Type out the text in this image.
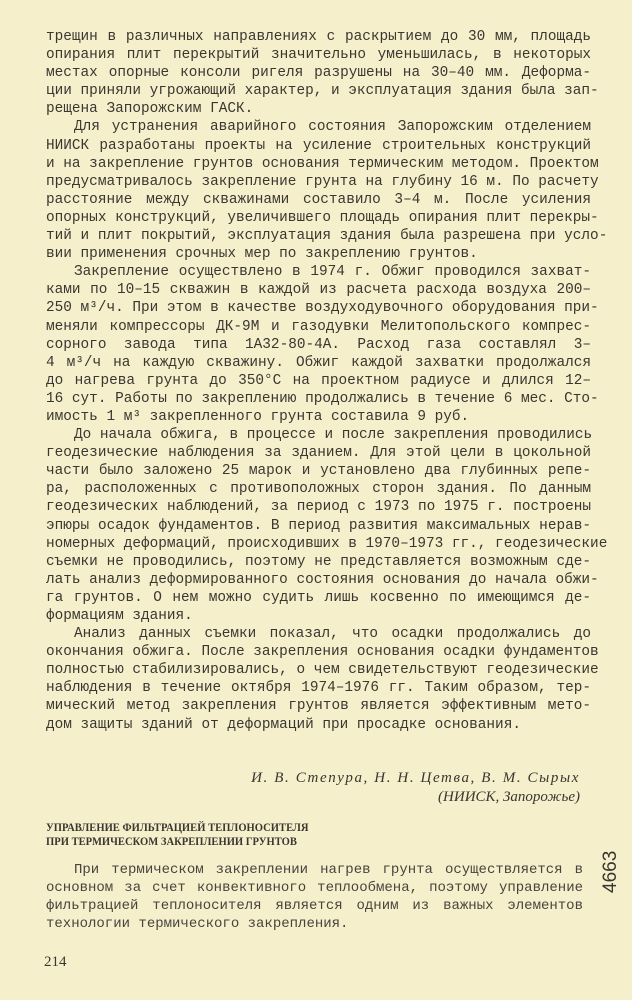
трещин в различных направлениях с раскрытием до 30 мм, площадь
опирания плит перекрытий значительно уменьшилась, в некоторых
местах опорные консоли ригеля разрушены на 30–40 мм. Деформа-
ции приняли угрожающий характер, и эксплуатация здания была зап-
рещена Запорожским ГАСК.
Для устранения аварийного состояния Запорожским отделением
НИИСК разработаны проекты на усиление строительных конструкций
и на закрепление грунтов основания термическим методом. Проектом
предусматривалось закрепление грунта на глубину 16 м. По расчету
расстояние между скважинами составило 3–4 м. После усиления
опорных конструкций, увеличившего площадь опирания плит перекры-
тий и плит покрытий, эксплуатация здания была разрешена при усло-
вии применения срочных мер по закреплению грунтов.
Закрепление осуществлено в 1974 г. Обжиг проводился захват-
ками по 10–15 скважин в каждой из расчета расхода воздуха 200–
250 м³/ч. При этом в качестве воздуходувочного оборудования при-
меняли компрессоры ДК-9М и газодувки Мелитопольского компрес-
сорного завода типа 1А32-80-4А. Расход газа составлял 3–
4 м³/ч на каждую скважину. Обжиг каждой захватки продолжался
до нагрева грунта до 350°С на проектном радиусе и длился 12–
16 сут. Работы по закреплению продолжались в течение 6 мес. Сто-
имость 1 м³ закрепленного грунта составила 9 руб.
До начала обжига, в процессе и после закрепления проводились
геодезические наблюдения за зданием. Для этой цели в цокольной
части было заложено 25 марок и установлено два глубинных репе-
ра, расположенных с противоположных сторон здания. По данным
геодезических наблюдений, за период с 1973 по 1975 г. построены
эпюры осадок фундаментов. В период развития максимальных нерав-
номерных деформаций, происходивших в 1970–1973 гг., геодезические
съемки не проводились, поэтому не представляется возможным сде-
лать анализ деформированного состояния основания до начала обжи-
га грунтов. О нем можно судить лишь косвенно по имеющимся де-
формациям здания.
Анализ данных съемки показал, что осадки продолжались до
окончания обжига. После закрепления основания осадки фундаментов
полностью стабилизировались, о чем свидетельствуют геодезические
наблюдения в течение октября 1974–1976 гг. Таким образом, тер-
мический метод закрепления грунтов является эффективным мето-
дом защиты зданий от деформаций при просадке основания.
И. В. Степура, Н. Н. Цетва, В. М. Сырых
(НИИСК, Запорожье)
УПРАВЛЕНИЕ ФИЛЬТРАЦИЕЙ ТЕПЛОНОСИТЕЛЯ
ПРИ ТЕРМИЧЕСКОМ ЗАКРЕПЛЕНИИ ГРУНТОВ
При термическом закреплении нагрев грунта осуществляется в
основном за счет конвективного теплообмена, поэтому управление
фильтрацией теплоносителя является одним из важных элементов
технологии термического закрепления.
214
4663
